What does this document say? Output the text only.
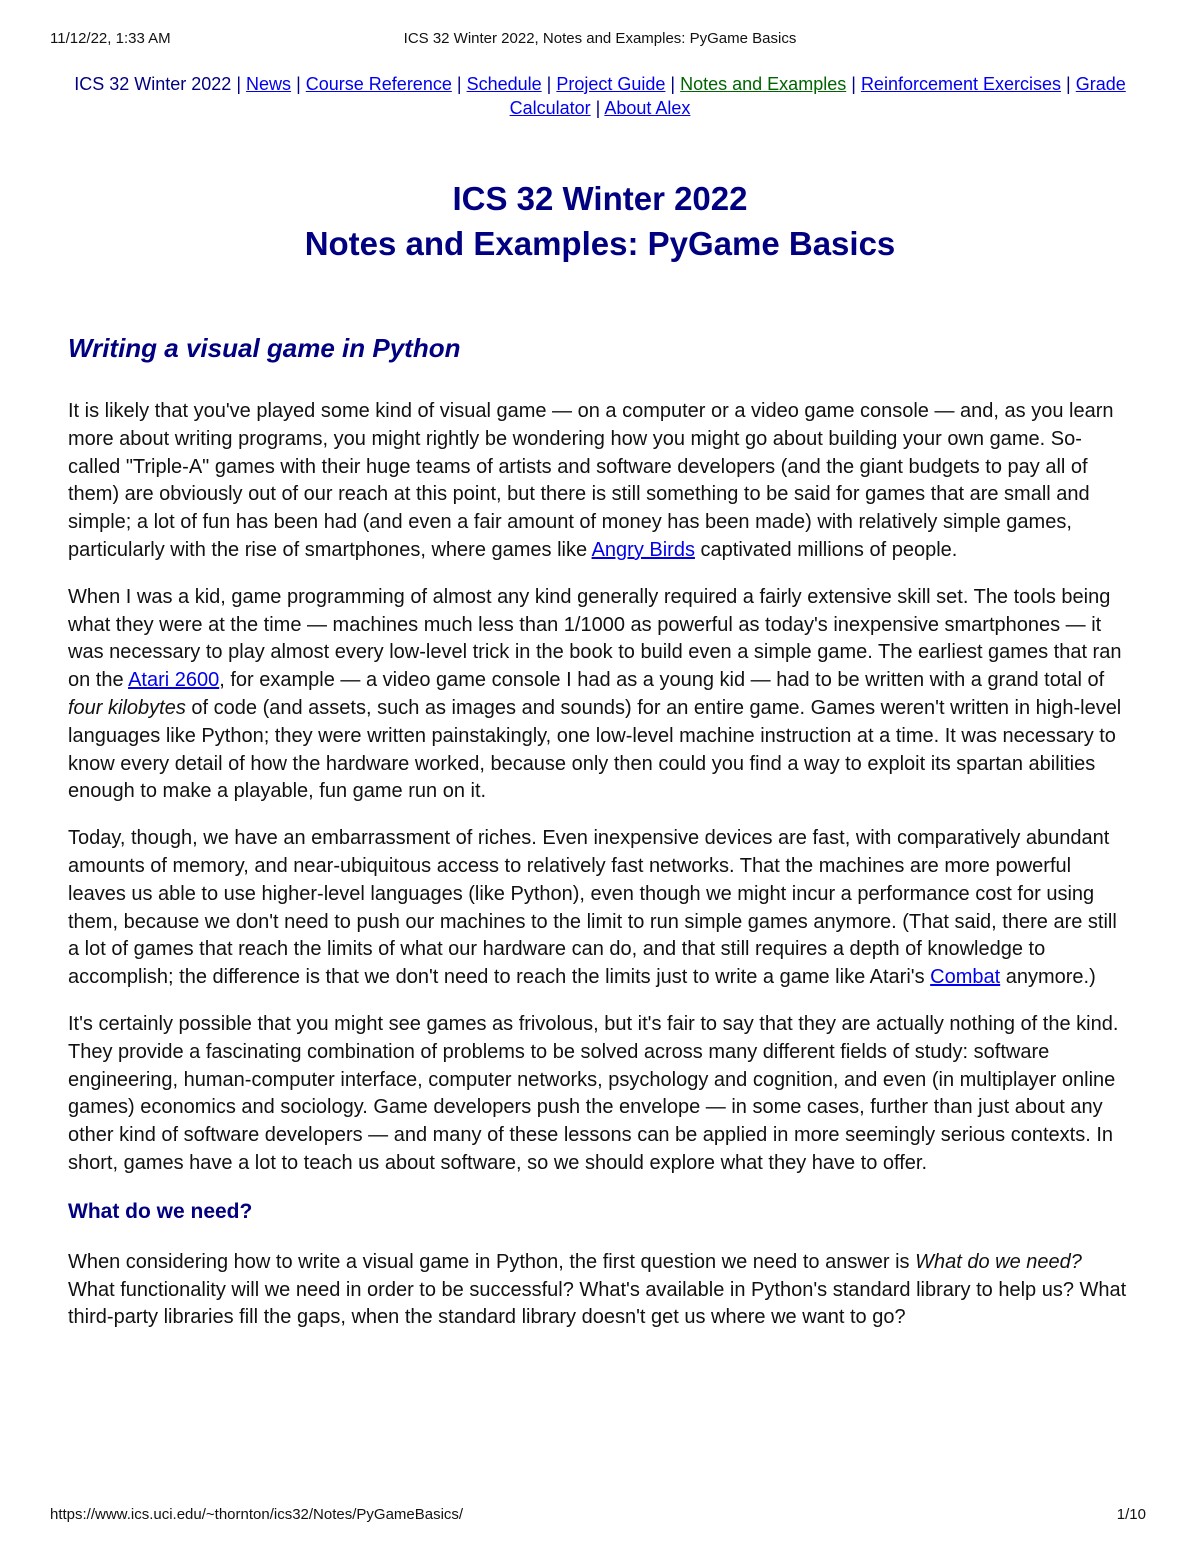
11/12/22, 1:33 AM	ICS 32 Winter 2022, Notes and Examples: PyGame Basics
ICS 32 Winter 2022 | News | Course Reference | Schedule | Project Guide | Notes and Examples | Reinforcement Exercises | Grade Calculator | About Alex
ICS 32 Winter 2022
Notes and Examples: PyGame Basics
Writing a visual game in Python

It is likely that you've played some kind of visual game — on a computer or a video game console — and, as you learn more about writing programs, you might rightly be wondering how you might go about building your own game. So-called "Triple-A" games with their huge teams of artists and software developers (and the giant budgets to pay all of them) are obviously out of our reach at this point, but there is still something to be said for games that are small and simple; a lot of fun has been had (and even a fair amount of money has been made) with relatively simple games, particularly with the rise of smartphones, where games like Angry Birds captivated millions of people.

When I was a kid, game programming of almost any kind generally required a fairly extensive skill set. The tools being what they were at the time — machines much less than 1/1000 as powerful as today's inexpensive smartphones — it was necessary to play almost every low-level trick in the book to build even a simple game. The earliest games that ran on the Atari 2600, for example — a video game console I had as a young kid — had to be written with a grand total of four kilobytes of code (and assets, such as images and sounds) for an entire game. Games weren't written in high-level languages like Python; they were written painstakingly, one low-level machine instruction at a time. It was necessary to know every detail of how the hardware worked, because only then could you find a way to exploit its spartan abilities enough to make a playable, fun game run on it.

Today, though, we have an embarrassment of riches. Even inexpensive devices are fast, with comparatively abundant amounts of memory, and near-ubiquitous access to relatively fast networks. That the machines are more powerful leaves us able to use higher-level languages (like Python), even though we might incur a performance cost for using them, because we don't need to push our machines to the limit to run simple games anymore. (That said, there are still a lot of games that reach the limits of what our hardware can do, and that still requires a depth of knowledge to accomplish; the difference is that we don't need to reach the limits just to write a game like Atari's Combat anymore.)

It's certainly possible that you might see games as frivolous, but it's fair to say that they are actually nothing of the kind. They provide a fascinating combination of problems to be solved across many different fields of study: software engineering, human-computer interface, computer networks, psychology and cognition, and even (in multiplayer online games) economics and sociology. Game developers push the envelope — in some cases, further than just about any other kind of software developers — and many of these lessons can be applied in more seemingly serious contexts. In short, games have a lot to teach us about software, so we should explore what they have to offer.

What do we need?

When considering how to write a visual game in Python, the first question we need to answer is What do we need? What functionality will we need in order to be successful? What's available in Python's standard library to help us? What third-party libraries fill the gaps, when the standard library doesn't get us where we want to go?

https://www.ics.uci.edu/~thornton/ics32/Notes/PyGameBasics/	1/10
